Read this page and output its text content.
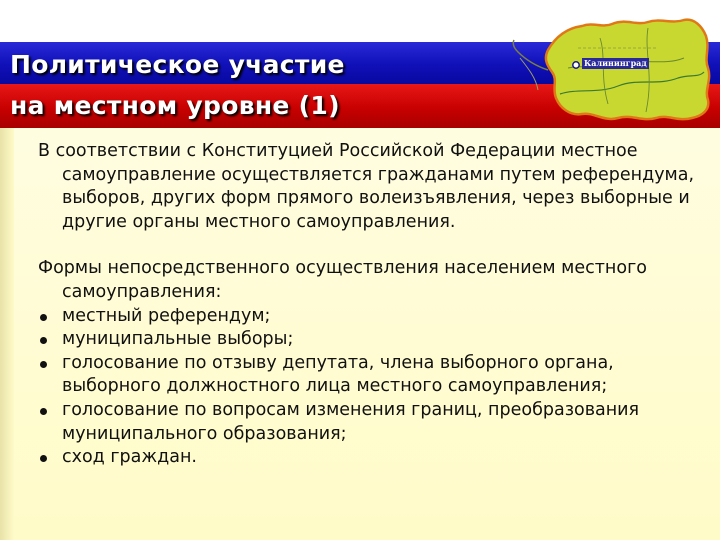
Политическое участие
на местном уровне (1)
Калининград

В соответствии с Конституцией Российской Федерации местное самоуправление осуществляется гражданами путем референдума, выборов, других форм прямого волеизъявления, через выборные и другие органы местного самоуправления.

Формы непосредственного осуществления населением местного самоуправления:

местный референдум;
муниципальные выборы;
голосование по отзыву депутата, члена выборного органа, выборного должностного лица местного самоуправления;
голосование по вопросам изменения границ, преобразования муниципального образования;
сход граждан.
